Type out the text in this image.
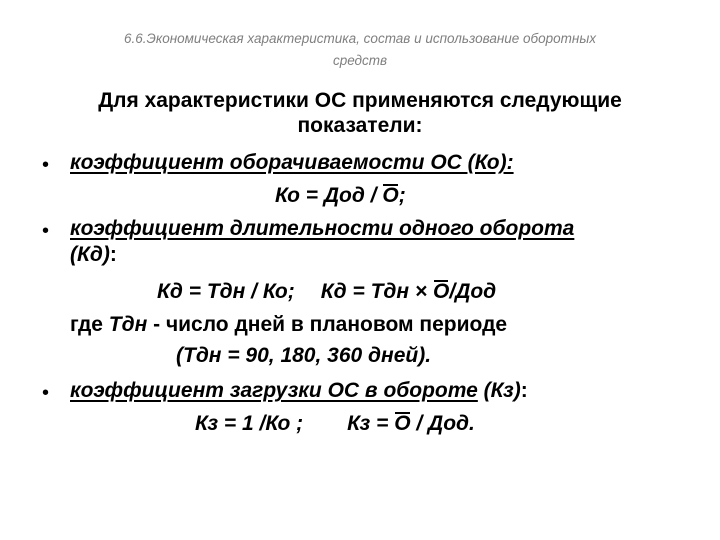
6.6.Экономическая характеристика, состав и использование оборотных
средств
Для характеристики ОС применяются следующие
показатели:
• коэффициент оборачиваемости ОС (Ко):
Ко = Дод / О;
• коэффициент длительности одного оборота
(Кд):
Кд = Тдн / Ко; Кд = Тдн × О/Дод
где Тдн - число дней в плановом периоде
(Тдн = 90, 180, 360 дней).
• коэффициент загрузки ОС в обороте (Кз):
Кз = 1 /Ко ; Кз = О / Дод.
